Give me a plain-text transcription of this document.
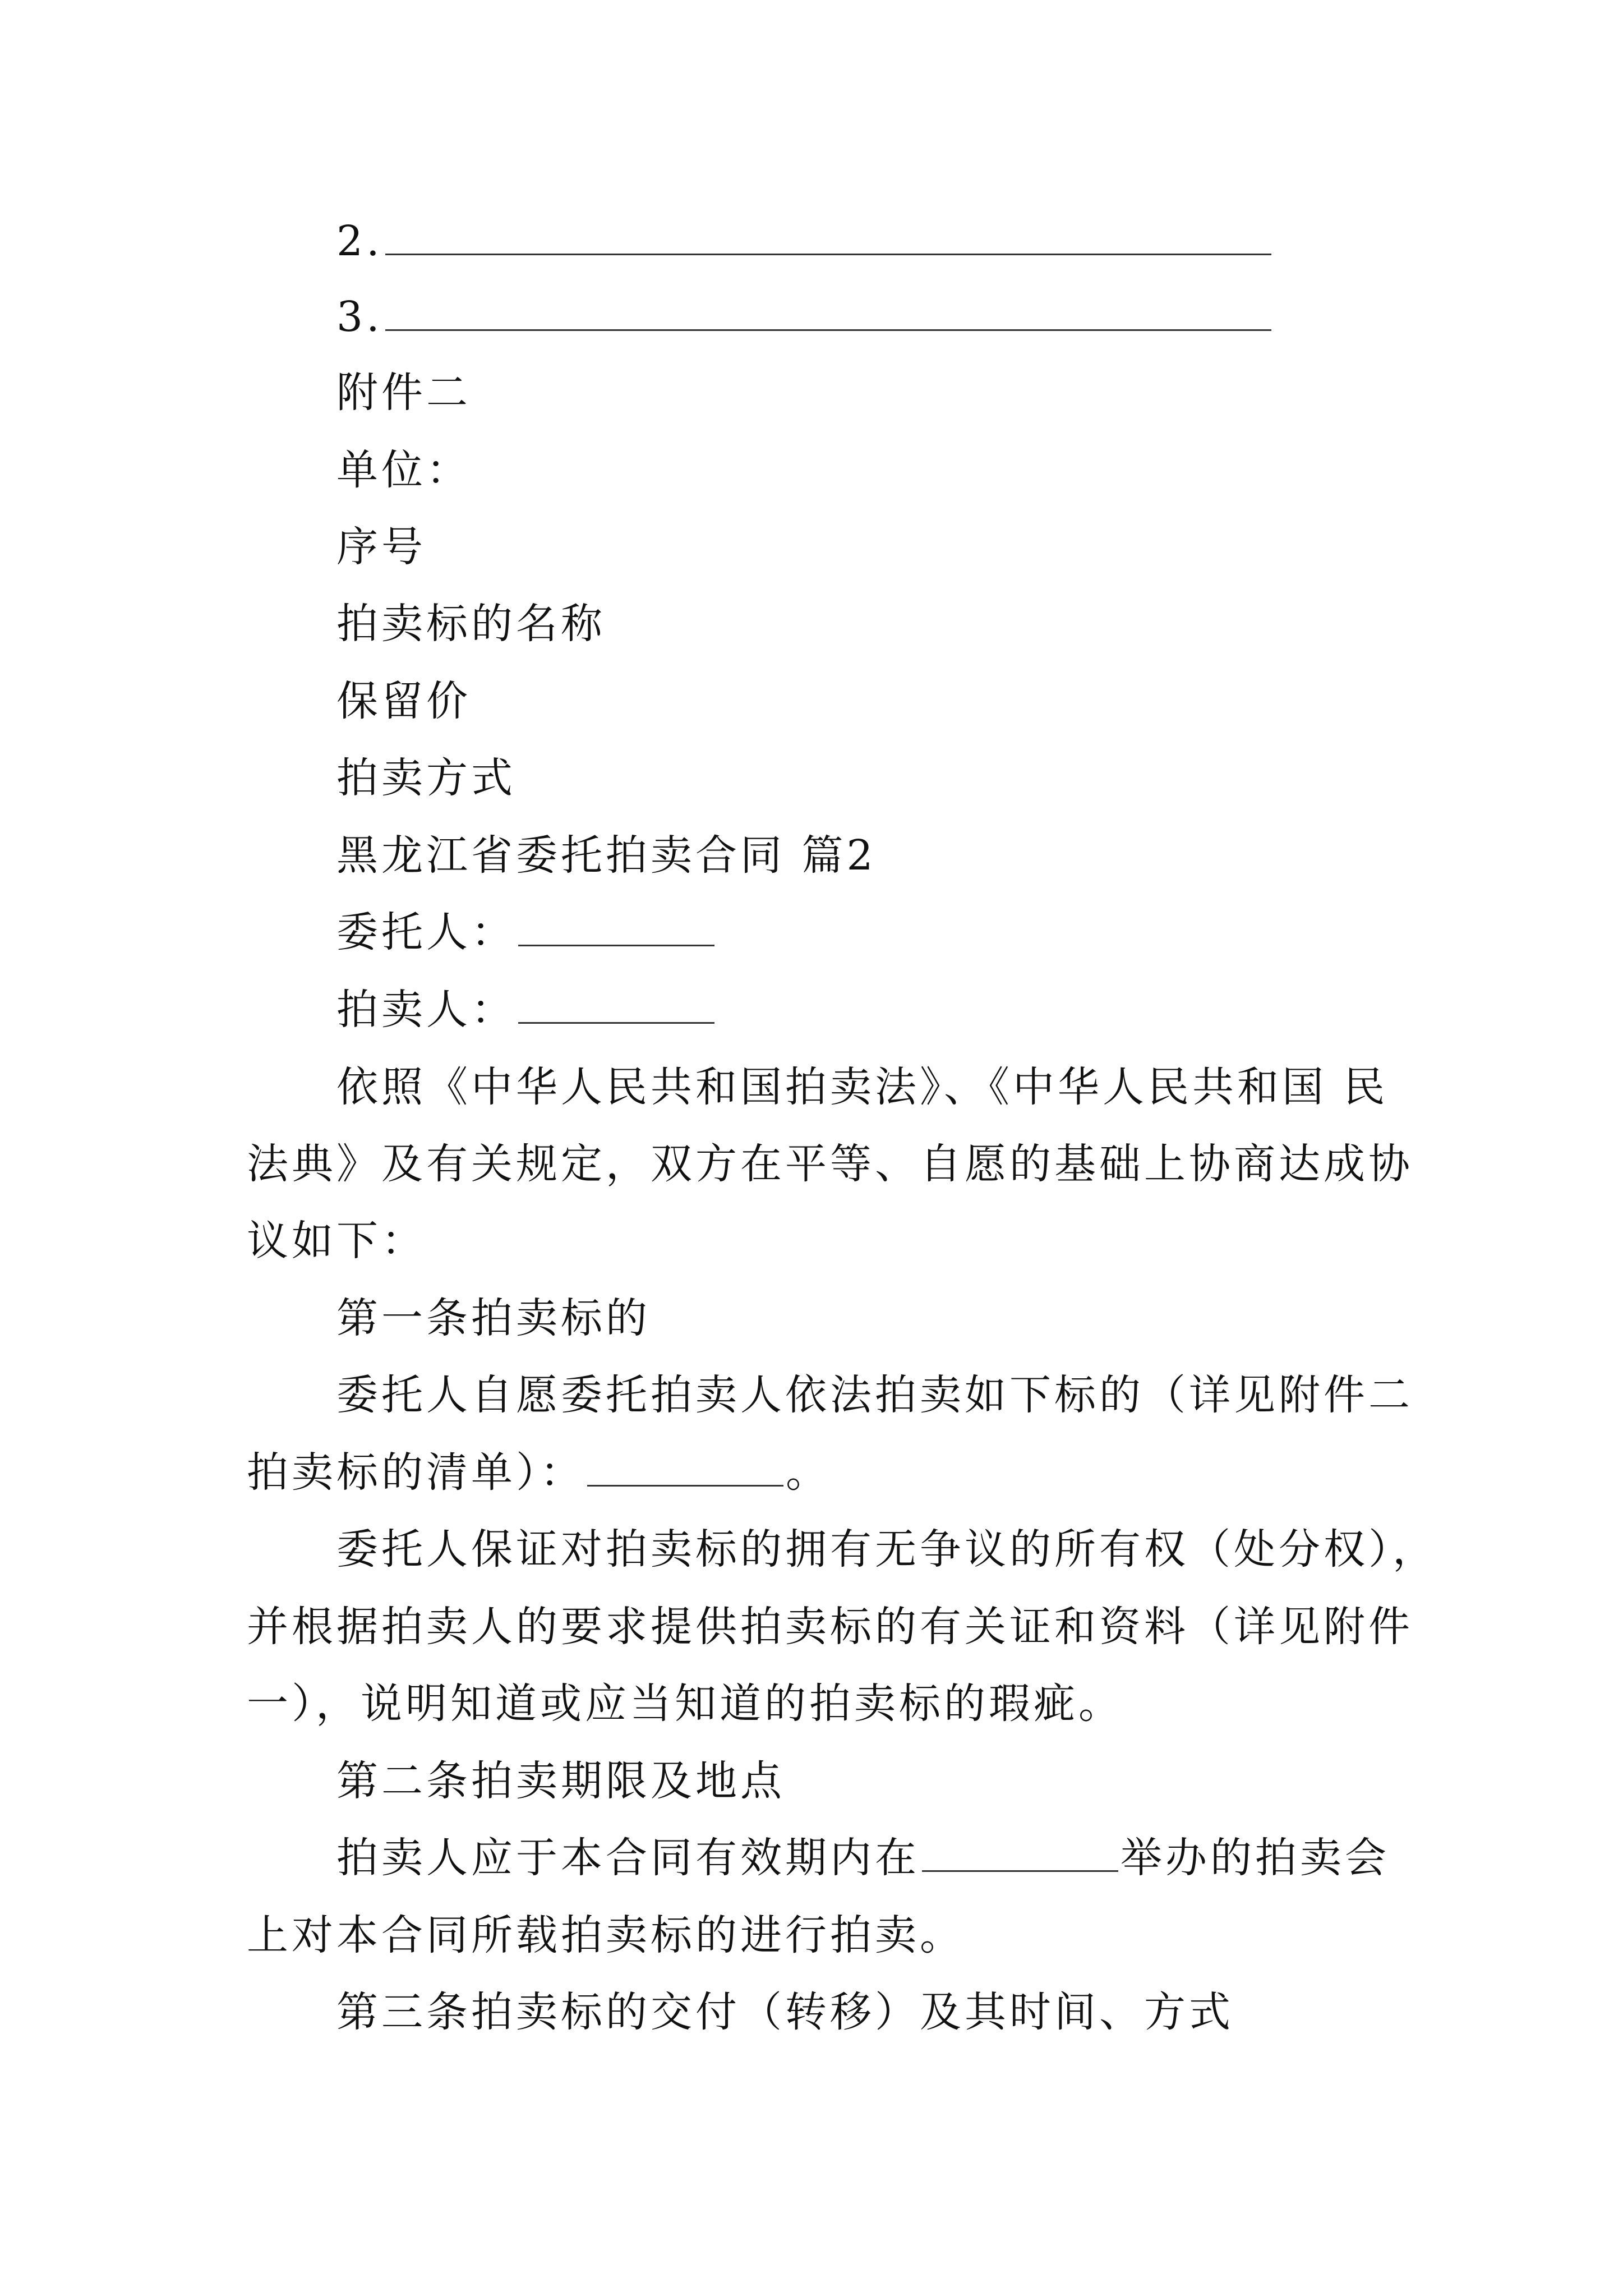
2.
3.
附件二
单位：
序号
拍卖标的名称
保留价
拍卖方式
黑龙江省委托拍卖合同 篇2
委托人：
拍卖人：
依照《中华人民共和国拍卖法》、《中华人民共和国 民
法典》及有关规定，双方在平等、自愿的基础上协商达成协
议如下：
第一条拍卖标的
委托人自愿委托拍卖人依法拍卖如下标的（详见附件二
拍卖标的清单）：	。
委托人保证对拍卖标的拥有无争议的所有权（处分权），
并根据拍卖人的要求提供拍卖标的有关证和资料（详见附件
一），说明知道或应当知道的拍卖标的瑕疵。
第二条拍卖期限及地点
拍卖人应于本合同有效期内在	举办的拍卖会
上对本合同所载拍卖标的进行拍卖。
第三条拍卖标的交付（转移）及其时间、方式
